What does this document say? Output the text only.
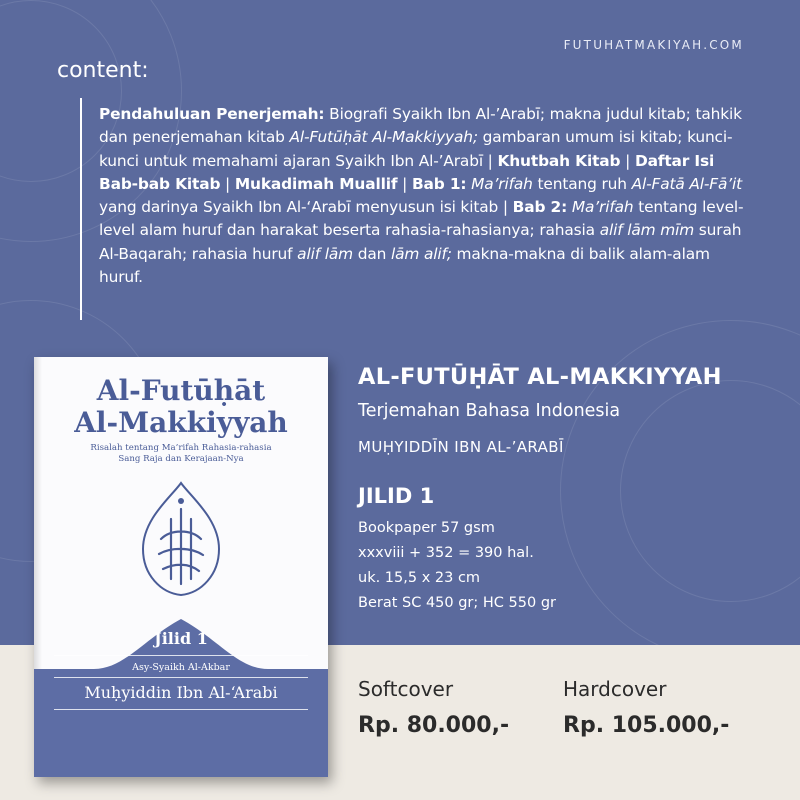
FUTUHATMAKIYAH.COM
content:
Pendahuluan Penerjemah: Biografi Syaikh Ibn Al-’Arabī; makna judul kitab; tahkik dan penerjemahan kitab Al-Futūḥāt Al-Makkiyyah; gambaran umum isi kitab; kunci-kunci untuk memahami ajaran Syaikh Ibn Al-’Arabī | Khutbah Kitab | Daftar Isi Bab-bab Kitab | Mukadimah Muallif | Bab 1: Ma’rifah tentang ruh Al-Fatā Al-Fā’it yang darinya Syaikh Ibn Al-‘Arabī menyusun isi kitab | Bab 2: Ma’rifah tentang level-level alam huruf dan harakat beserta rahasia-rahasianya; rahasia alif lām mīm surah Al-Baqarah; rahasia huruf alif lām dan lām alif; makna-makna di balik alam-alam huruf.
Al-Futūḥāt
Al-Makkiyyah
Risalah tentang Ma’rifah Rahasia-rahasia
Sang Raja dan Kerajaan-Nya
Jilid 1
Asy-Syaikh Al-Akbar
Muḥyiddin Ibn Al-‘Arabi
AL-FUTŪḤĀT AL-MAKKIYYAH
Terjemahan Bahasa Indonesia
MUḤYIDDĪN IBN AL-’ARABĪ
JILID 1
Bookpaper 57 gsm
xxxviii + 352 = 390 hal.
uk. 15,5 x 23 cm
Berat SC 450 gr; HC 550 gr
Softcover
Rp. 80.000,-
Hardcover
Rp. 105.000,-
